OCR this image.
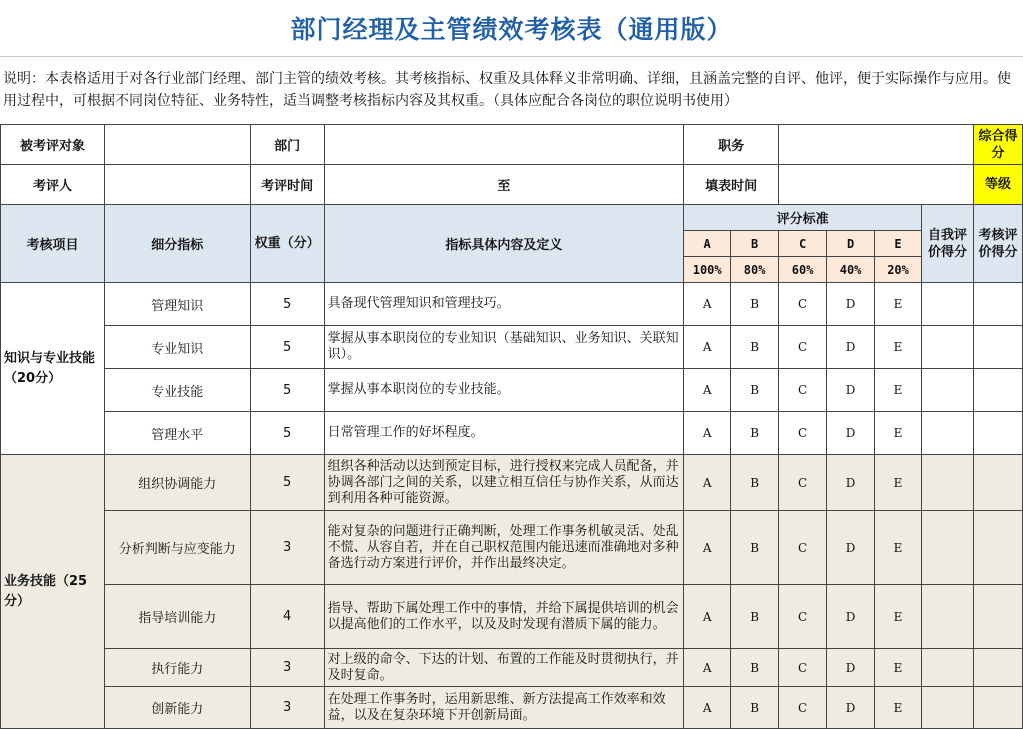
部门经理及主管绩效考核表（通用版）
说明：本表格适用于对各行业部门经理、部门主管的绩效考核。其考核指标、权重及具体释义非常明确、详细，且涵盖完整的自评、他评，便于实际操作与应用。使用过程中，可根据不同岗位特征、业务特性，适当调整考核指标内容及其权重。（具体应配合各岗位的职位说明书使用）
被考评对象		部门		职务						综合得分
考评人		考评时间	至	填表时间						等级
考核项目	细分指标	权重（分）	指标具体内容及定义	评分标准					自我评价得分	考核评价得分
				A	B	C	D	E		
				100%	80%	60%	40%	20%		
知识与专业技能（20分）	管理知识	5	具备现代管理知识和管理技巧。	A	B	C	D	E		
	专业知识	5	掌握从事本职岗位的专业知识（基础知识、业务知识、关联知识）。	A	B	C	D	E		
	专业技能	5	掌握从事本职岗位的专业技能。	A	B	C	D	E		
	管理水平	5	日常管理工作的好坏程度。	A	B	C	D	E		
业务技能（25分）	组织协调能力	5	组织各种活动以达到预定目标，进行授权来完成人员配备，并协调各部门之间的关系，以建立相互信任与协作关系，从而达到利用各种可能资源。	A	B	C	D	E		
	分析判断与应变能力	3	能对复杂的问题进行正确判断，处理工作事务机敏灵活、处乱不慌、从容自若，并在自己职权范围内能迅速而准确地对多种备选行动方案进行评价，并作出最终决定。	A	B	C	D	E		
	指导培训能力	4	指导、帮助下属处理工作中的事情，并给下属提供培训的机会以提高他们的工作水平，以及及时发现有潜质下属的能力。	A	B	C	D	E		
	执行能力	3	对上级的命令、下达的计划、布置的工作能及时贯彻执行，并及时复命。	A	B	C	D	E		
	创新能力	3	在处理工作事务时，运用新思维、新方法提高工作效率和效益，以及在复杂环境下开创新局面。	A	B	C	D	E		
